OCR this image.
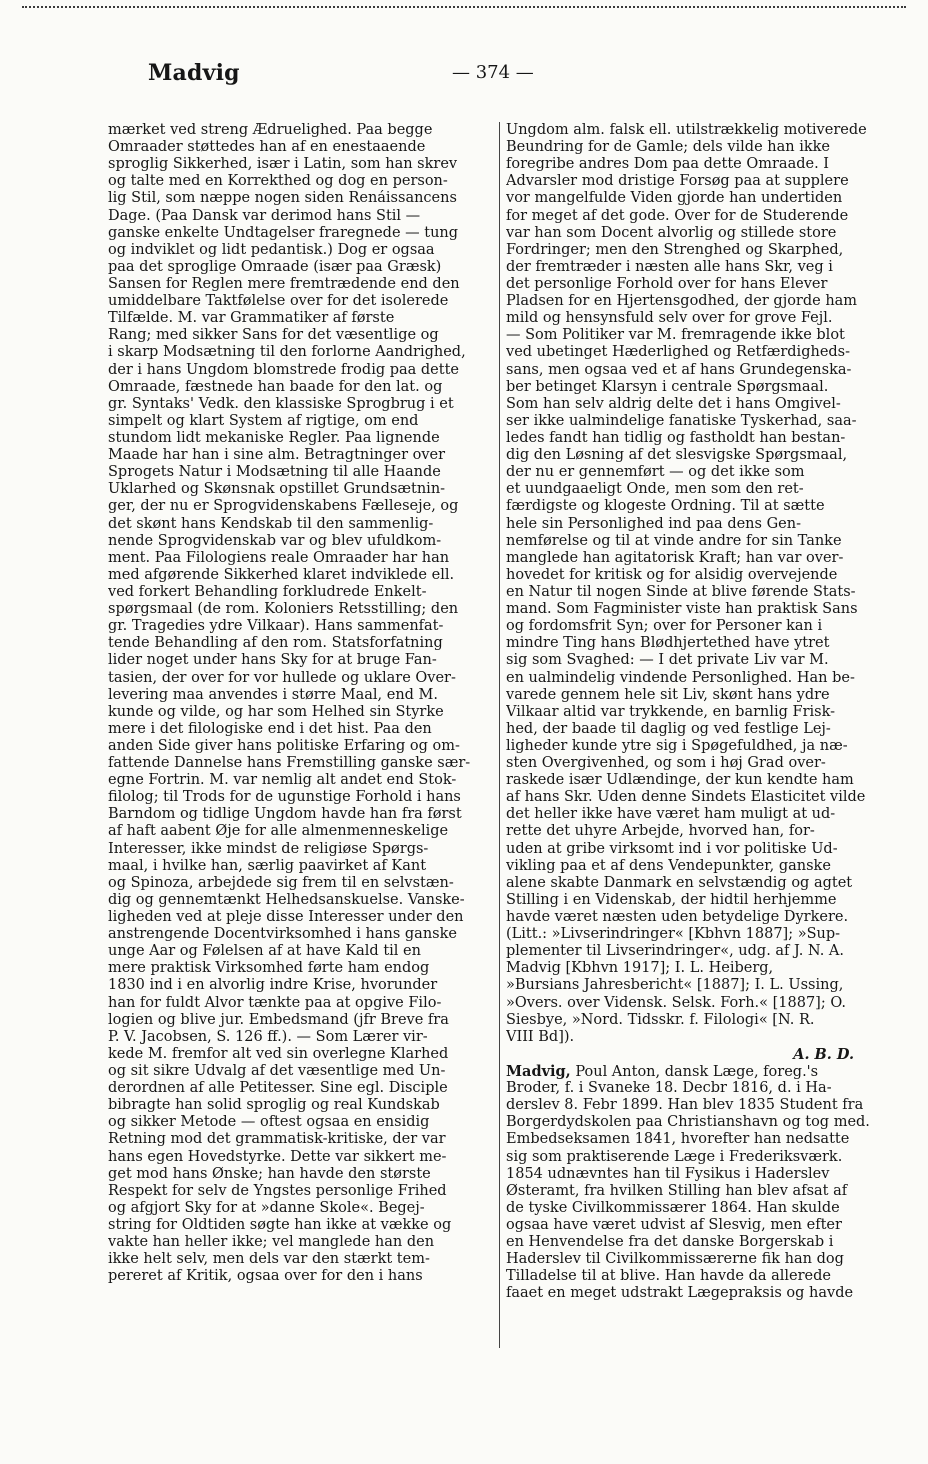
Madvig	— 374 —
mærket ved streng Ædruelighed. Paa begge
Omraader støttedes han af en enestaaende
sproglig Sikkerhed, især i Latin, som han skrev
og talte med en Korrekthed og dog en person-
lig Stil, som næppe nogen siden Renáissancens
Dage. (Paa Dansk var derimod hans Stil —
ganske enkelte Undtagelser fraregnede — tung
og indviklet og lidt pedantisk.) Dog er ogsaa
paa det sproglige Omraade (især paa Græsk)
Sansen for Reglen mere fremtrædende end den
umiddelbare Taktfølelse over for det isolerede
Tilfælde. M. var Grammatiker af første
Rang; med sikker Sans for det væsentlige og
i skarp Modsætning til den forlorne Aandrighed,
der i hans Ungdom blomstrede frodig paa dette
Omraade, fæstnede han baade for den lat. og
gr. Syntaks' Vedk. den klassiske Sprogbrug i et
simpelt og klart System af rigtige, om end
stundom lidt mekaniske Regler. Paa lignende
Maade har han i sine alm. Betragtninger over
Sprogets Natur i Modsætning til alle Haande
Uklarhed og Skønsnak opstillet Grundsætnin-
ger, der nu er Sprogvidenskabens Fælleseje, og
det skønt hans Kendskab til den sammenlig-
nende Sprogvidenskab var og blev ufuldkom-
ment. Paa Filologiens reale Omraader har han
med afgørende Sikkerhed klaret indviklede ell.
ved forkert Behandling forkludrede Enkelt-
spørgsmaal (de rom. Koloniers Retsstilling; den
gr. Tragedies ydre Vilkaar). Hans sammenfat-
tende Behandling af den rom. Statsforfatning
lider noget under hans Sky for at bruge Fan-
tasien, der over for vor hullede og uklare Over-
levering maa anvendes i større Maal, end M.
kunde og vilde, og har som Helhed sin Styrke
mere i det filologiske end i det hist. Paa den
anden Side giver hans politiske Erfaring og om-
fattende Dannelse hans Fremstilling ganske sær-
egne Fortrin. M. var nemlig alt andet end Stok-
filolog; til Trods for de ugunstige Forhold i hans
Barndom og tidlige Ungdom havde han fra først
af haft aabent Øje for alle almenmenneskelige
Interesser, ikke mindst de religiøse Spørgs-
maal, i hvilke han, særlig paavirket af Kant
og Spinoza, arbejdede sig frem til en selvstæn-
dig og gennemtænkt Helhedsanskuelse. Vanske-
ligheden ved at pleje disse Interesser under den
anstrengende Docentvirksomhed i hans ganske
unge Aar og Følelsen af at have Kald til en
mere praktisk Virksomhed førte ham endog
1830 ind i en alvorlig indre Krise, hvorunder
han for fuldt Alvor tænkte paa at opgive Filo-
logien og blive jur. Embedsmand (jfr Breve fra
P. V. Jacobsen, S. 126 ff.). — Som Lærer vir-
kede M. fremfor alt ved sin overlegne Klarhed
og sit sikre Udvalg af det væsentlige med Un-
derordnen af alle Petitesser. Sine egl. Disciple
bibragte han solid sproglig og real Kundskab
og sikker Metode — oftest ogsaa en ensidig
Retning mod det grammatisk-kritiske, der var
hans egen Hovedstyrke. Dette var sikkert me-
get mod hans Ønske; han havde den største
Respekt for selv de Yngstes personlige Frihed
og afgjort Sky for at »danne Skole«. Begej-
string for Oldtiden søgte han ikke at vække og
vakte han heller ikke; vel manglede han den
ikke helt selv, men dels var den stærkt tem-
pereret af Kritik, ogsaa over for den i hans
Ungdom alm. falsk ell. utilstrækkelig motiverede
Beundring for de Gamle; dels vilde han ikke
foregribe andres Dom paa dette Omraade. I
Advarsler mod dristige Forsøg paa at supplere
vor mangelfulde Viden gjorde han undertiden
for meget af det gode. Over for de Studerende
var han som Docent alvorlig og stillede store
Fordringer; men den Strenghed og Skarphed,
der fremtræder i næsten alle hans Skr, veg i
det personlige Forhold over for hans Elever
Pladsen for en Hjertensgodhed, der gjorde ham
mild og hensynsfuld selv over for grove Fejl.
— Som Politiker var M. fremragende ikke blot
ved ubetinget Hæderlighed og Retfærdigheds-
sans, men ogsaa ved et af hans Grundegenska-
ber betinget Klarsyn i centrale Spørgsmaal.
Som han selv aldrig delte det i hans Omgivel-
ser ikke ualmindelige fanatiske Tyskerhad, saa-
ledes fandt han tidlig og fastholdt han bestan-
dig den Løsning af det slesvigske Spørgsmaal,
der nu er gennemført — og det ikke som
et uundgaaeligt Onde, men som den ret-
færdigste og klogeste Ordning. Til at sætte
hele sin Personlighed ind paa dens Gen-
nemførelse og til at vinde andre for sin Tanke
manglede han agitatorisk Kraft; han var over-
hovedet for kritisk og for alsidig overvejende
en Natur til nogen Sinde at blive førende Stats-
mand. Som Fagminister viste han praktisk Sans
og fordomsfrit Syn; over for Personer kan i
mindre Ting hans Blødhjertethed have ytret
sig som Svaghed: — I det private Liv var M.
en ualmindelig vindende Personlighed. Han be-
varede gennem hele sit Liv, skønt hans ydre
Vilkaar altid var trykkende, en barnlig Frisk-
hed, der baade til daglig og ved festlige Lej-
ligheder kunde ytre sig i Spøgefuldhed, ja næ-
sten Overgivenhed, og som i høj Grad over-
raskede især Udlændinge, der kun kendte ham
af hans Skr. Uden denne Sindets Elasticitet vilde
det heller ikke have været ham muligt at ud-
rette det uhyre Arbejde, hvorved han, for-
uden at gribe virksomt ind i vor politiske Ud-
vikling paa et af dens Vendepunkter, ganske
alene skabte Danmark en selvstændig og agtet
Stilling i en Videnskab, der hidtil herhjemme
havde været næsten uden betydelige Dyrkere.
(Litt.: »Livserindringer« [Kbhvn 1887]; »Sup-
plementer til Livserindringer«, udg. af J. N. A.
Madvig [Kbhvn 1917]; I. L. Heiberg,
»Bursians Jahresbericht« [1887]; I. L. Ussing,
»Overs. over Vidensk. Selsk. Forh.« [1887]; O.
Siesbye, »Nord. Tidsskr. f. Filologi« [N. R.
VIII Bd]).
A. B. D.
Madvig, Poul Anton, dansk Læge, foreg.'s
Broder, f. i Svaneke 18. Decbr 1816, d. i Ha-
derslev 8. Febr 1899. Han blev 1835 Student fra
Borgerdydskolen paa Christianshavn og tog med.
Embedseksamen 1841, hvorefter han nedsatte
sig som praktiserende Læge i Frederiksværk.
1854 udnævntes han til Fysikus i Haderslev
Østeramt, fra hvilken Stilling han blev afsat af
de tyske Civilkommissærer 1864. Han skulde
ogsaa have været udvist af Slesvig, men efter
en Henvendelse fra det danske Borgerskab i
Haderslev til Civilkommissærerne fik han dog
Tilladelse til at blive. Han havde da allerede
faaet en meget udstrakt Lægepraksis og havde
